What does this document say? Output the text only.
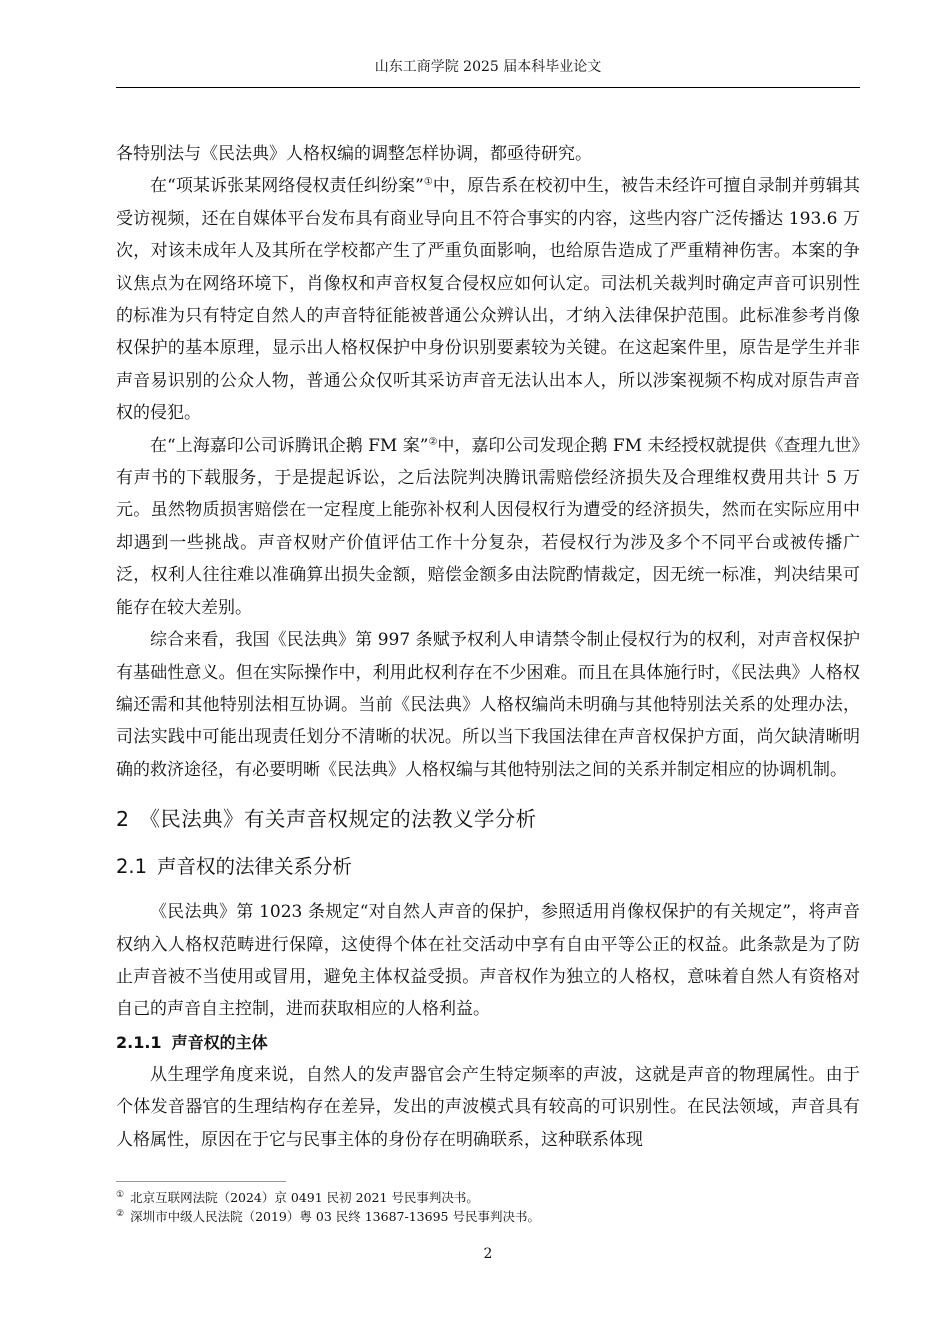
山东工商学院 2025 届本科毕业论文

各特别法与《民法典》人格权编的调整怎样协调，都亟待研究。

在“项某诉张某网络侵权责任纠纷案”①中，原告系在校初中生，被告未经许可擅自录制并剪辑其受访视频，还在自媒体平台发布具有商业导向且不符合事实的内容，这些内容广泛传播达 193.6 万次，对该未成年人及其所在学校都产生了严重负面影响，也给原告造成了严重精神伤害。本案的争议焦点为在网络环境下，肖像权和声音权复合侵权应如何认定。司法机关裁判时确定声音可识别性的标准为只有特定自然人的声音特征能被普通公众辨认出，才纳入法律保护范围。此标准参考肖像权保护的基本原理，显示出人格权保护中身份识别要素较为关键。在这起案件里，原告是学生并非声音易识别的公众人物，普通公众仅听其采访声音无法认出本人，所以涉案视频不构成对原告声音权的侵犯。

在“上海嘉印公司诉腾讯企鹅 FM 案”②中，嘉印公司发现企鹅 FM 未经授权就提供《查理九世》有声书的下载服务，于是提起诉讼，之后法院判决腾讯需赔偿经济损失及合理维权费用共计 5 万元。虽然物质损害赔偿在一定程度上能弥补权利人因侵权行为遭受的经济损失，然而在实际应用中却遇到一些挑战。声音权财产价值评估工作十分复杂，若侵权行为涉及多个不同平台或被传播广泛，权利人往往难以准确算出损失金额，赔偿金额多由法院酌情裁定，因无统一标准，判决结果可能存在较大差别。

综合来看，我国《民法典》第 997 条赋予权利人申请禁令制止侵权行为的权利，对声音权保护有基础性意义。但在实际操作中，利用此权利存在不少困难。而且在具体施行时，《民法典》人格权编还需和其他特别法相互协调。当前《民法典》人格权编尚未明确与其他特别法关系的处理办法，司法实践中可能出现责任划分不清晰的状况。所以当下我国法律在声音权保护方面，尚欠缺清晰明确的救济途径，有必要明晰《民法典》人格权编与其他特别法之间的关系并制定相应的协调机制。

2 《民法典》有关声音权规定的法教义学分析
2.1 声音权的法律关系分析

《民法典》第 1023 条规定“对自然人声音的保护，参照适用肖像权保护的有关规定”，将声音权纳入人格权范畴进行保障，这使得个体在社交活动中享有自由平等公正的权益。此条款是为了防止声音被不当使用或冒用，避免主体权益受损。声音权作为独立的人格权，意味着自然人有资格对自己的声音自主控制，进而获取相应的人格利益。

2.1.1 声音权的主体

从生理学角度来说，自然人的发声器官会产生特定频率的声波，这就是声音的物理属性。由于个体发音器官的生理结构存在差异，发出的声波模式具有较高的可识别性。在民法领域，声音具有人格属性，原因在于它与民事主体的身份存在明确联系，这种联系体现

① 北京互联网法院（2024）京 0491 民初 2021 号民事判决书。
② 深圳市中级人民法院（2019）粤 03 民终 13687-13695 号民事判决书。
2
